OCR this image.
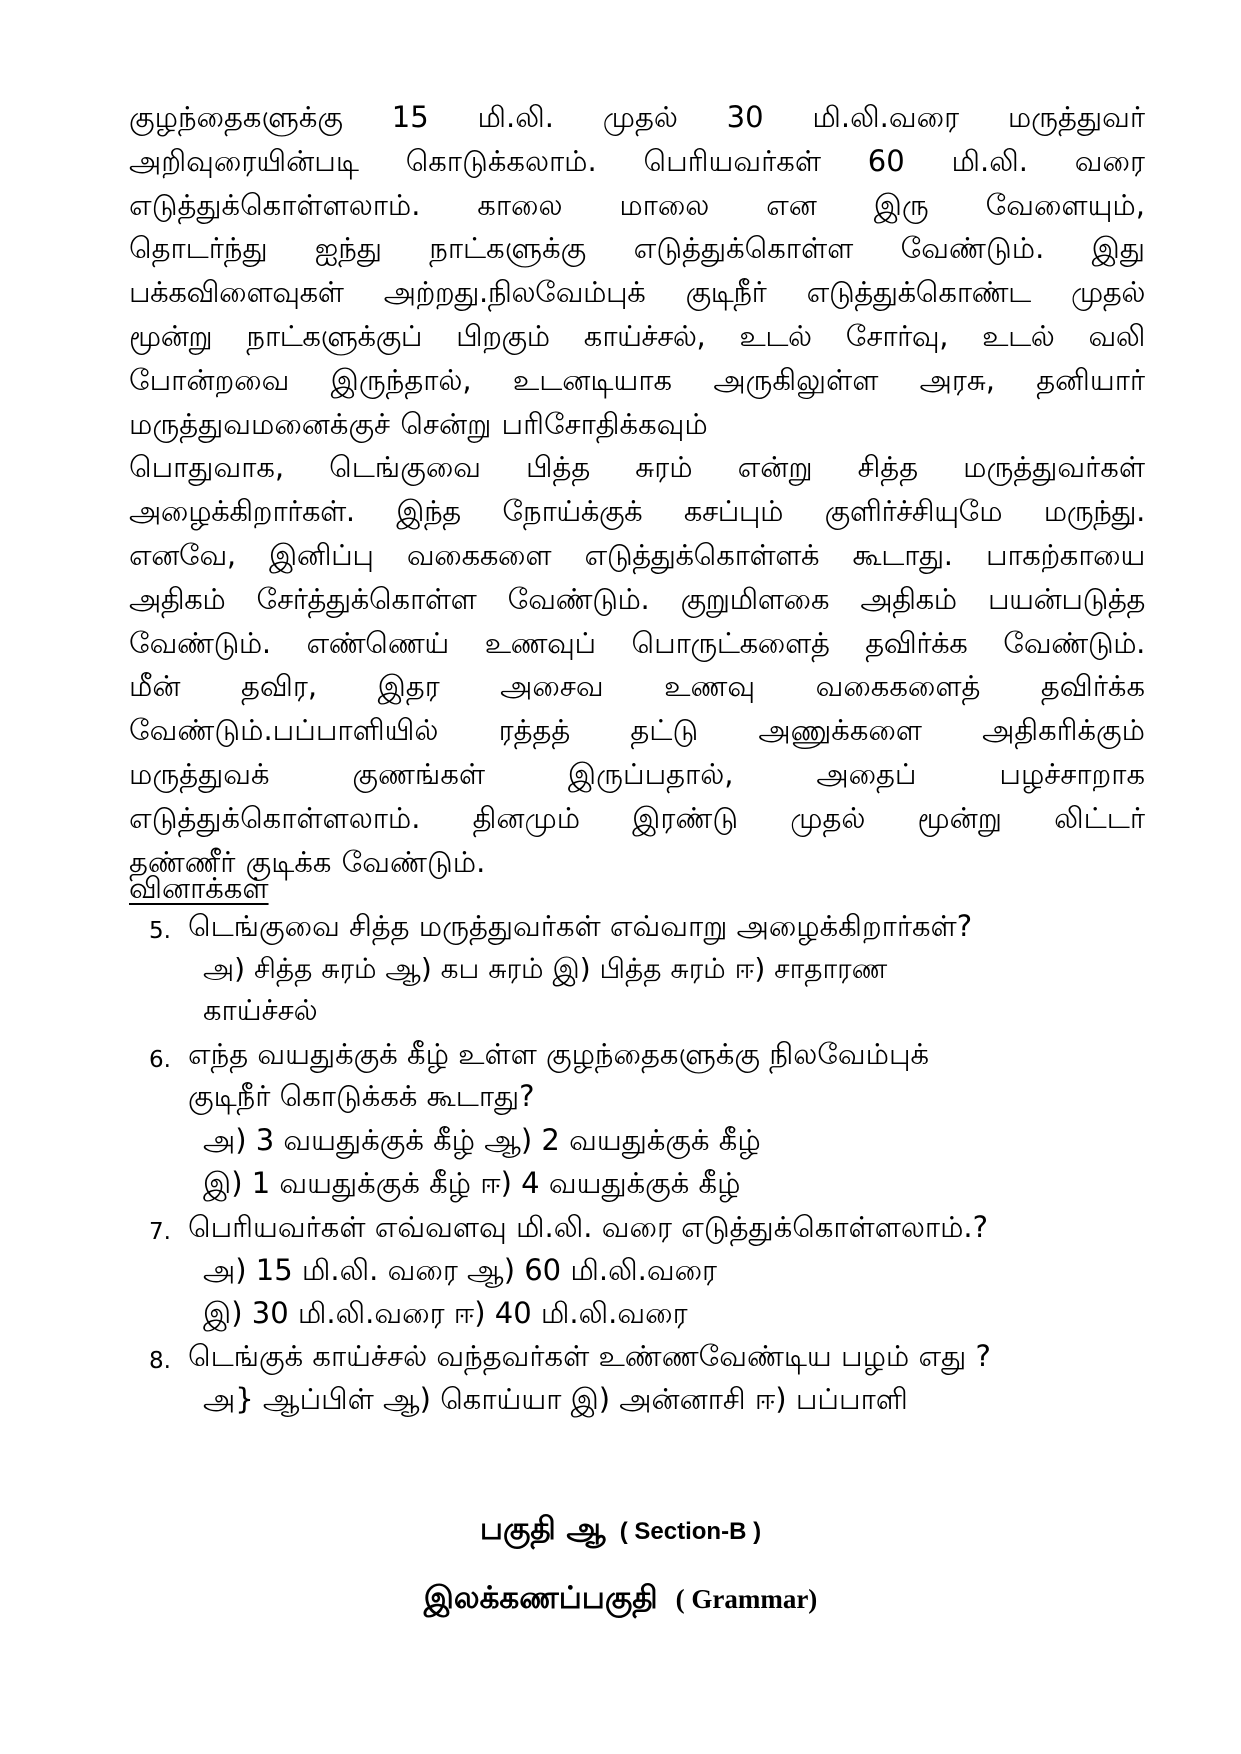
குழந்தைகளுக்கு 15 மி.லி. முதல் 30 மி.லி.வரை மருத்துவர்
அறிவுரையின்படி கொடுக்கலாம். பெரியவர்கள் 60 மி.லி. வரை
எடுத்துக்கொள்ளலாம். காலை மாலை என இரு வேளையும்,
தொடர்ந்து ஐந்து நாட்களுக்கு எடுத்துக்கொள்ள வேண்டும். இது
பக்கவிளைவுகள் அற்றது.நிலவேம்புக் குடிநீர் எடுத்துக்கொண்ட முதல்
மூன்று நாட்களுக்குப் பிறகும் காய்ச்சல், உடல் சோர்வு, உடல் வலி
போன்றவை இருந்தால், உடனடியாக அருகிலுள்ள அரசு, தனியார்
மருத்துவமனைக்குச் சென்று பரிசோதிக்கவும்
பொதுவாக, டெங்குவை பித்த சுரம் என்று சித்த மருத்துவர்கள்
அழைக்கிறார்கள். இந்த நோய்க்குக் கசப்பும் குளிர்ச்சியுமே மருந்து.
எனவே, இனிப்பு வகைகளை எடுத்துக்கொள்ளக் கூடாது. பாகற்காயை
அதிகம் சேர்த்துக்கொள்ள வேண்டும். குறுமிளகை அதிகம் பயன்படுத்த
வேண்டும். எண்ணெய் உணவுப் பொருட்களைத் தவிர்க்க வேண்டும்.
மீன் தவிர, இதர அசைவ உணவு வகைகளைத் தவிர்க்க
வேண்டும்.பப்பாளியில் ரத்தத் தட்டு அணுக்களை அதிகரிக்கும்
மருத்துவக் குணங்கள் இருப்பதால், அதைப் பழச்சாறாக
எடுத்துக்கொள்ளலாம். தினமும் இரண்டு முதல் மூன்று லிட்டர்
தண்ணீர் குடிக்க வேண்டும்.
வினாக்கள்
5. டெங்குவை சித்த மருத்துவர்கள் எவ்வாறு அழைக்கிறார்கள்?
அ) சித்த சுரம் ஆ) கப சுரம் இ) பித்த சுரம் ஈ) சாதாரண
காய்ச்சல்
6. எந்த வயதுக்குக் கீழ் உள்ள குழந்தைகளுக்கு நிலவேம்புக்
குடிநீர் கொடுக்கக் கூடாது?
அ) 3 வயதுக்குக் கீழ் ஆ) 2 வயதுக்குக் கீழ்
இ) 1 வயதுக்குக் கீழ் ஈ) 4 வயதுக்குக் கீழ்
7. பெரியவர்கள் எவ்வளவு மி.லி. வரை எடுத்துக்கொள்ளலாம்.?
அ) 15 மி.லி. வரை ஆ) 60 மி.லி.வரை
இ) 30 மி.லி.வரை ஈ) 40 மி.லி.வரை
8. டெங்குக் காய்ச்சல் வந்தவர்கள் உண்ணவேண்டிய பழம் எது ?
அ} ஆப்பிள் ஆ) கொய்யா இ) அன்னாசி ஈ) பப்பாளி
பகுதி ஆ ( Section-B )
இலக்கணப்பகுதி ( Grammar)
